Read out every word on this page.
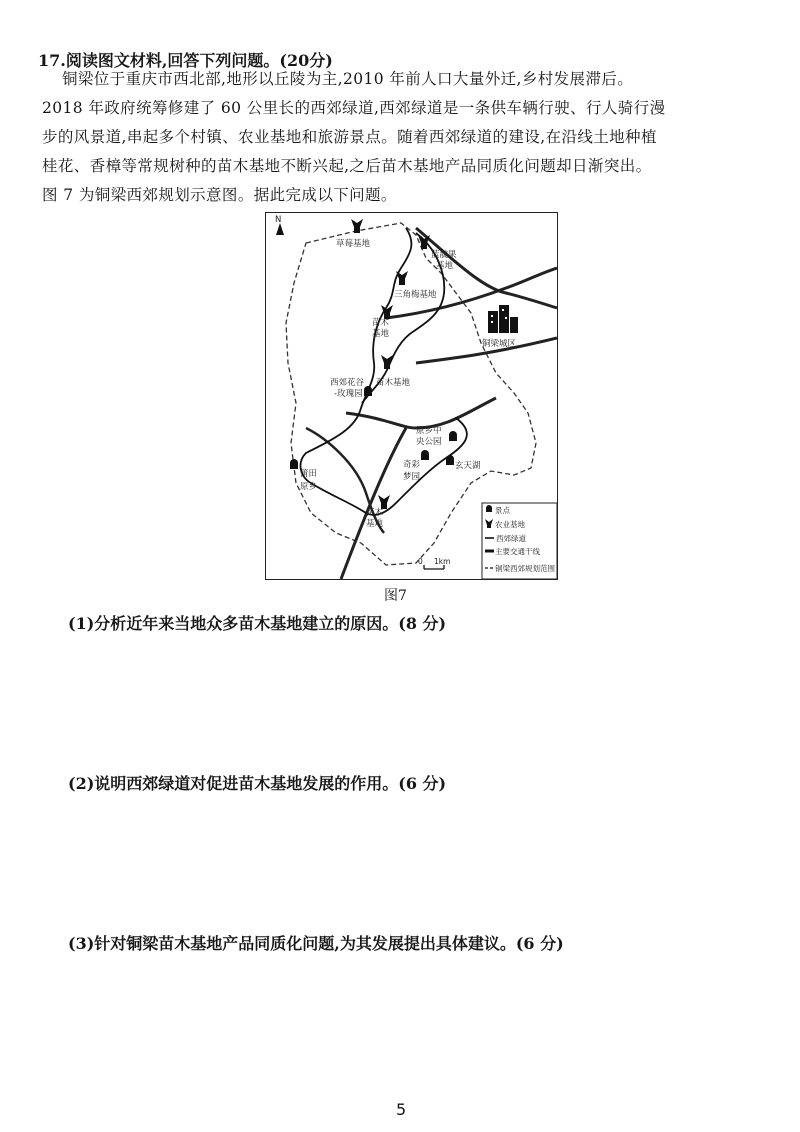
17.阅读图文材料,回答下列问题。(20分)
铜梁位于重庆市西北部,地形以丘陵为主,2010 年前人口大量外迁,乡村发展滞后。
2018 年政府统筹修建了 60 公里长的西郊绿道,西郊绿道是一条供车辆行驶、行人骑行漫
步的风景道,串起多个村镇、农业基地和旅游景点。随着西郊绿道的建设,在沿线土地种植
桂花、香樟等常规树种的苗木基地不断兴起,之后苗木基地产品同质化问题却日渐突出。
图 7 为铜梁西郊规划示意图。据此完成以下问题。
N
草莓基地
蓝靛果
基地
三角梅基地
苗木
基地
铜梁城区
西郊花谷
-玫瑰园
苗木基地
原乡中
央公园
莆田
原乡
奇彩
梦园
玄天湖
苗木
基地
景点
农业基地
西郊绿道
主要交通干线
铜梁西郊规划范围
0 1km
图7
(1)分析近年来当地众多苗木基地建立的原因。(8 分)
(2)说明西郊绿道对促进苗木基地发展的作用。(6 分)
(3)针对铜梁苗木基地产品同质化问题,为其发展提出具体建议。(6 分)
5
